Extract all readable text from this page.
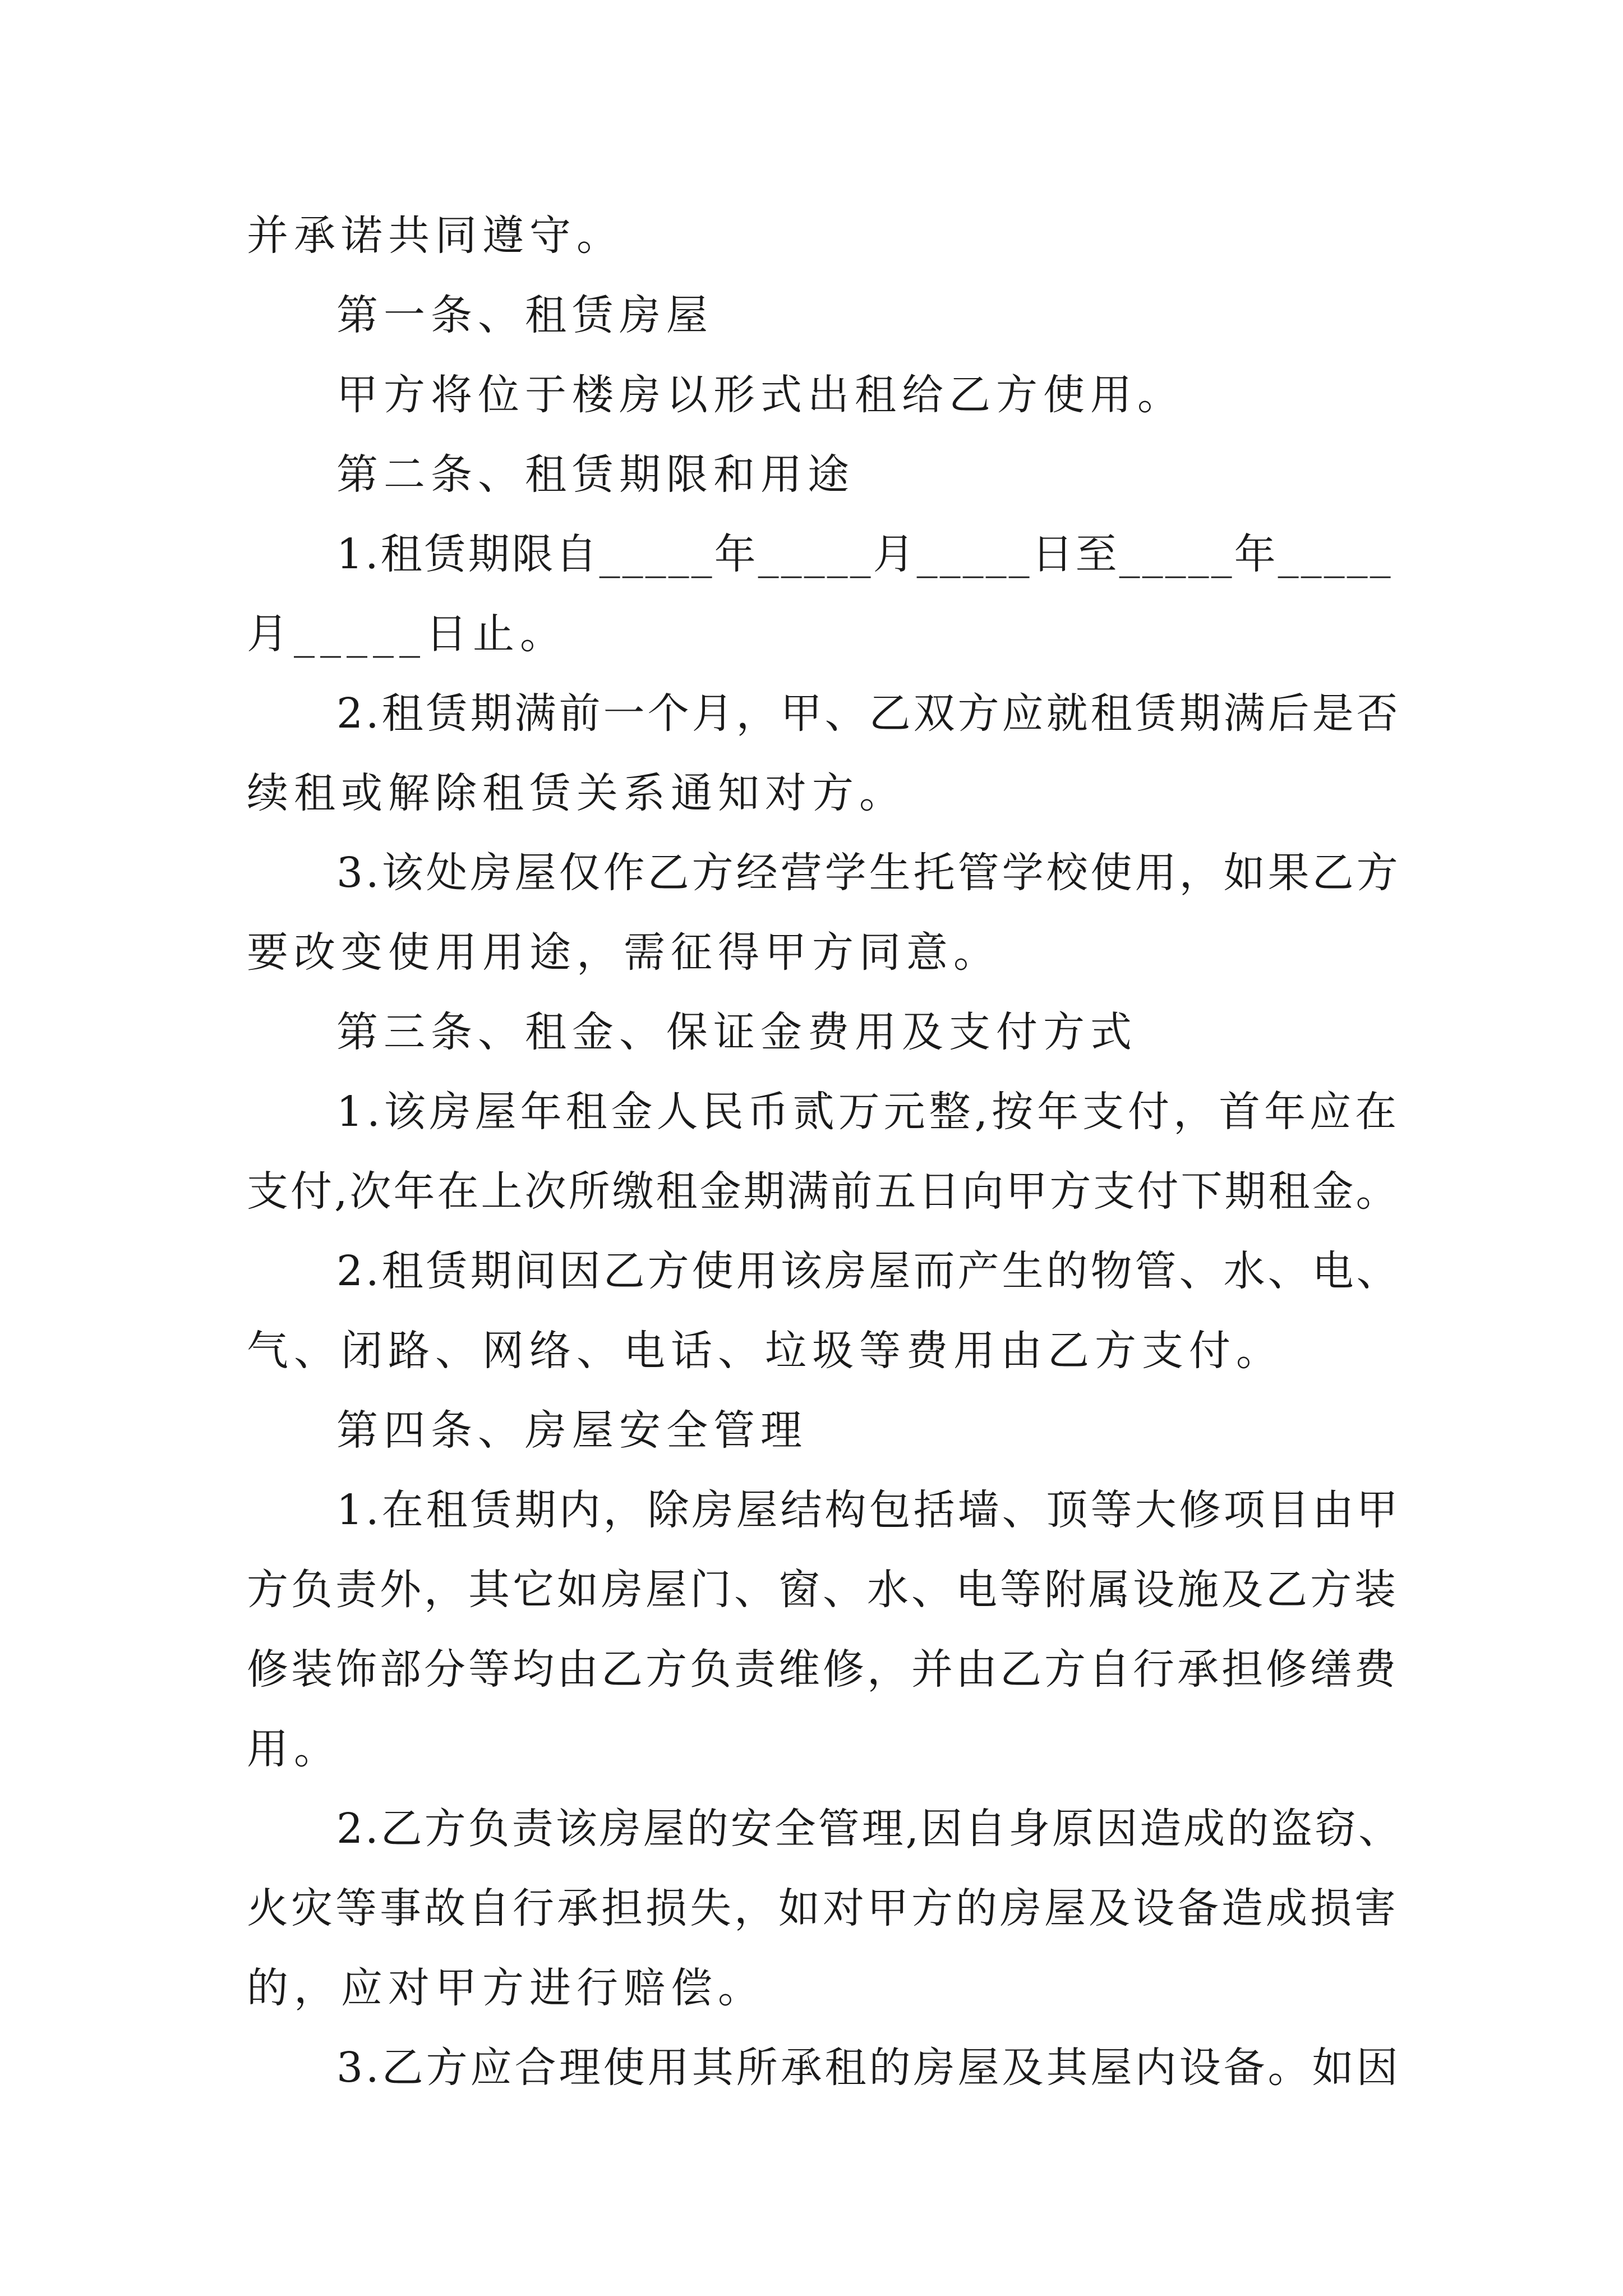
并承诺共同遵守。
第一条、租赁房屋
甲方将位于楼房以形式出租给乙方使用。
第二条、租赁期限和用途
1.租赁期限自_____年_____月_____日至_____年_____
月_____日止。
2.租赁期满前一个月，甲、乙双方应就租赁期满后是否
续租或解除租赁关系通知对方。
3.该处房屋仅作乙方经营学生托管学校使用，如果乙方
要改变使用用途，需征得甲方同意。
第三条、租金、保证金费用及支付方式
1.该房屋年租金人民币贰万元整,按年支付，首年应在
支付,次年在上次所缴租金期满前五日向甲方支付下期租金。
2.租赁期间因乙方使用该房屋而产生的物管、水、电、
气、闭路、网络、电话、垃圾等费用由乙方支付。
第四条、房屋安全管理
1.在租赁期内，除房屋结构包括墙、顶等大修项目由甲
方负责外，其它如房屋门、窗、水、电等附属设施及乙方装
修装饰部分等均由乙方负责维修，并由乙方自行承担修缮费
用。
2.乙方负责该房屋的安全管理,因自身原因造成的盗窃、
火灾等事故自行承担损失，如对甲方的房屋及设备造成损害
的，应对甲方进行赔偿。
3.乙方应合理使用其所承租的房屋及其屋内设备。如因
